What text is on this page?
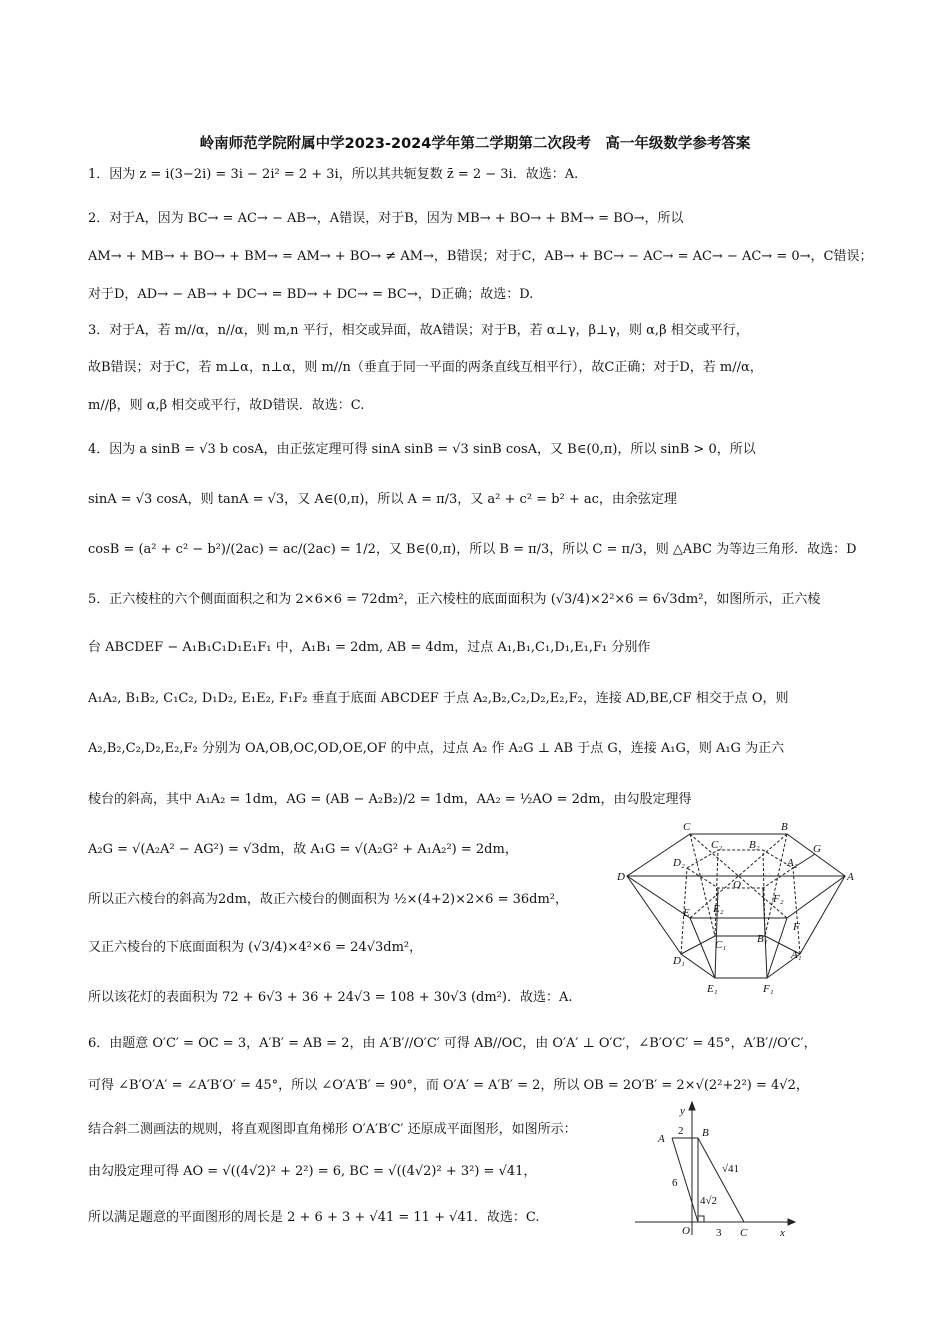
岭南师范学院附属中学2023-2024学年第二学期第二次段考　高一年级数学参考答案
1．因为 z = i(3−2i) = 3i − 2i² = 2 + 3i，所以其共轭复数 z̄ = 2 − 3i．故选：A.
2．对于A，因为 BC→ = AC→ − AB→，A错误，对于B，因为 MB→ + BO→ + BM→ = BO→，所以
AM→ + MB→ + BO→ + BM→ = AM→ + BO→ ≠ AM→，B错误；对于C，AB→ + BC→ − AC→ = AC→ − AC→ = 0→，C错误；
对于D，AD→ − AB→ + DC→ = BD→ + DC→ = BC→，D正确；故选：D.
3．对于A，若 m//α，n//α，则 m,n 平行，相交或异面，故A错误；对于B，若 α⊥γ，β⊥γ，则 α,β 相交或平行，
故B错误；对于C，若 m⊥α，n⊥α，则 m//n（垂直于同一平面的两条直线互相平行），故C正确；对于D，若 m//α，
m//β，则 α,β 相交或平行，故D错误．故选：C.
4．因为 a sinB = √3 b cosA，由正弦定理可得 sinA sinB = √3 sinB cosA，又 B∈(0,π)，所以 sinB > 0，所以
sinA = √3 cosA，则 tanA = √3，又 A∈(0,π)，所以 A = π/3，又 a² + c² = b² + ac，由余弦定理
cosB = (a² + c² − b²)/(2ac) = ac/(2ac) = 1/2，又 B∈(0,π)，所以 B = π/3，所以 C = π/3，则 △ABC 为等边三角形．故选：D
5．正六棱柱的六个侧面面积之和为 2×6×6 = 72dm²，正六棱柱的底面面积为 (√3/4)×2²×6 = 6√3dm²，如图所示，正六棱
台 ABCDEF − A₁B₁C₁D₁E₁F₁ 中，A₁B₁ = 2dm, AB = 4dm，过点 A₁,B₁,C₁,D₁,E₁,F₁ 分别作
A₁A₂, B₁B₂, C₁C₂, D₁D₂, E₁E₂, F₁F₂ 垂直于底面 ABCDEF 于点 A₂,B₂,C₂,D₂,E₂,F₂，连接 AD,BE,CF 相交于点 O，则
A₂,B₂,C₂,D₂,E₂,F₂ 分别为 OA,OB,OC,OD,OE,OF 的中点，过点 A₂ 作 A₂G ⊥ AB 于点 G，连接 A₁G，则 A₁G 为正六
棱台的斜高，其中 A₁A₂ = 1dm，AG = (AB − A₂B₂)/2 = 1dm，AA₂ = ½AO = 2dm，由勾股定理得
A₂G = √(A₂A² − AG²) = √3dm，故 A₁G = √(A₂G² + A₁A₂²) = 2dm，
所以正六棱台的斜高为2dm，故正六棱台的侧面积为 ½×(4+2)×2×6 = 36dm²，
又正六棱台的下底面面积为 (√3/4)×4²×6 = 24√3dm²，
所以该花灯的表面积为 72 + 6√3 + 36 + 24√3 = 108 + 30√3 (dm²)．故选：A.
6．由题意 O′C′ = OC = 3，A′B′ = AB = 2，由 A′B′//O′C′ 可得 AB//OC，由 O′A′ ⊥ O′C′，∠B′O′C′ = 45°，A′B′//O′C′，
可得 ∠B′O′A′ = ∠A′B′O′ = 45°，所以 ∠O′A′B′ = 90°，而 O′A′ = A′B′ = 2，所以 OB = 2O′B′ = 2×√(2²+2²) = 4√2，
结合斜二测画法的规则，将直观图即直角梯形 O′A′B′C′ 还原成平面图形，如图所示：
由勾股定理可得 AO = √((4√2)² + 2²) = 6, BC = √((4√2)² + 3²) = √41，
所以满足题意的平面图形的周长是 2 + 6 + 3 + √41 = 11 + √41．故选：C.
C	B
C₂ B₂	G
D₂	A₂
D
O
A
E₂
F₂
E
C₁	B₁
F
D₁	A₁
E₁	F₁
y
A
2 B
√41
6
4√2
O 3 C	x
